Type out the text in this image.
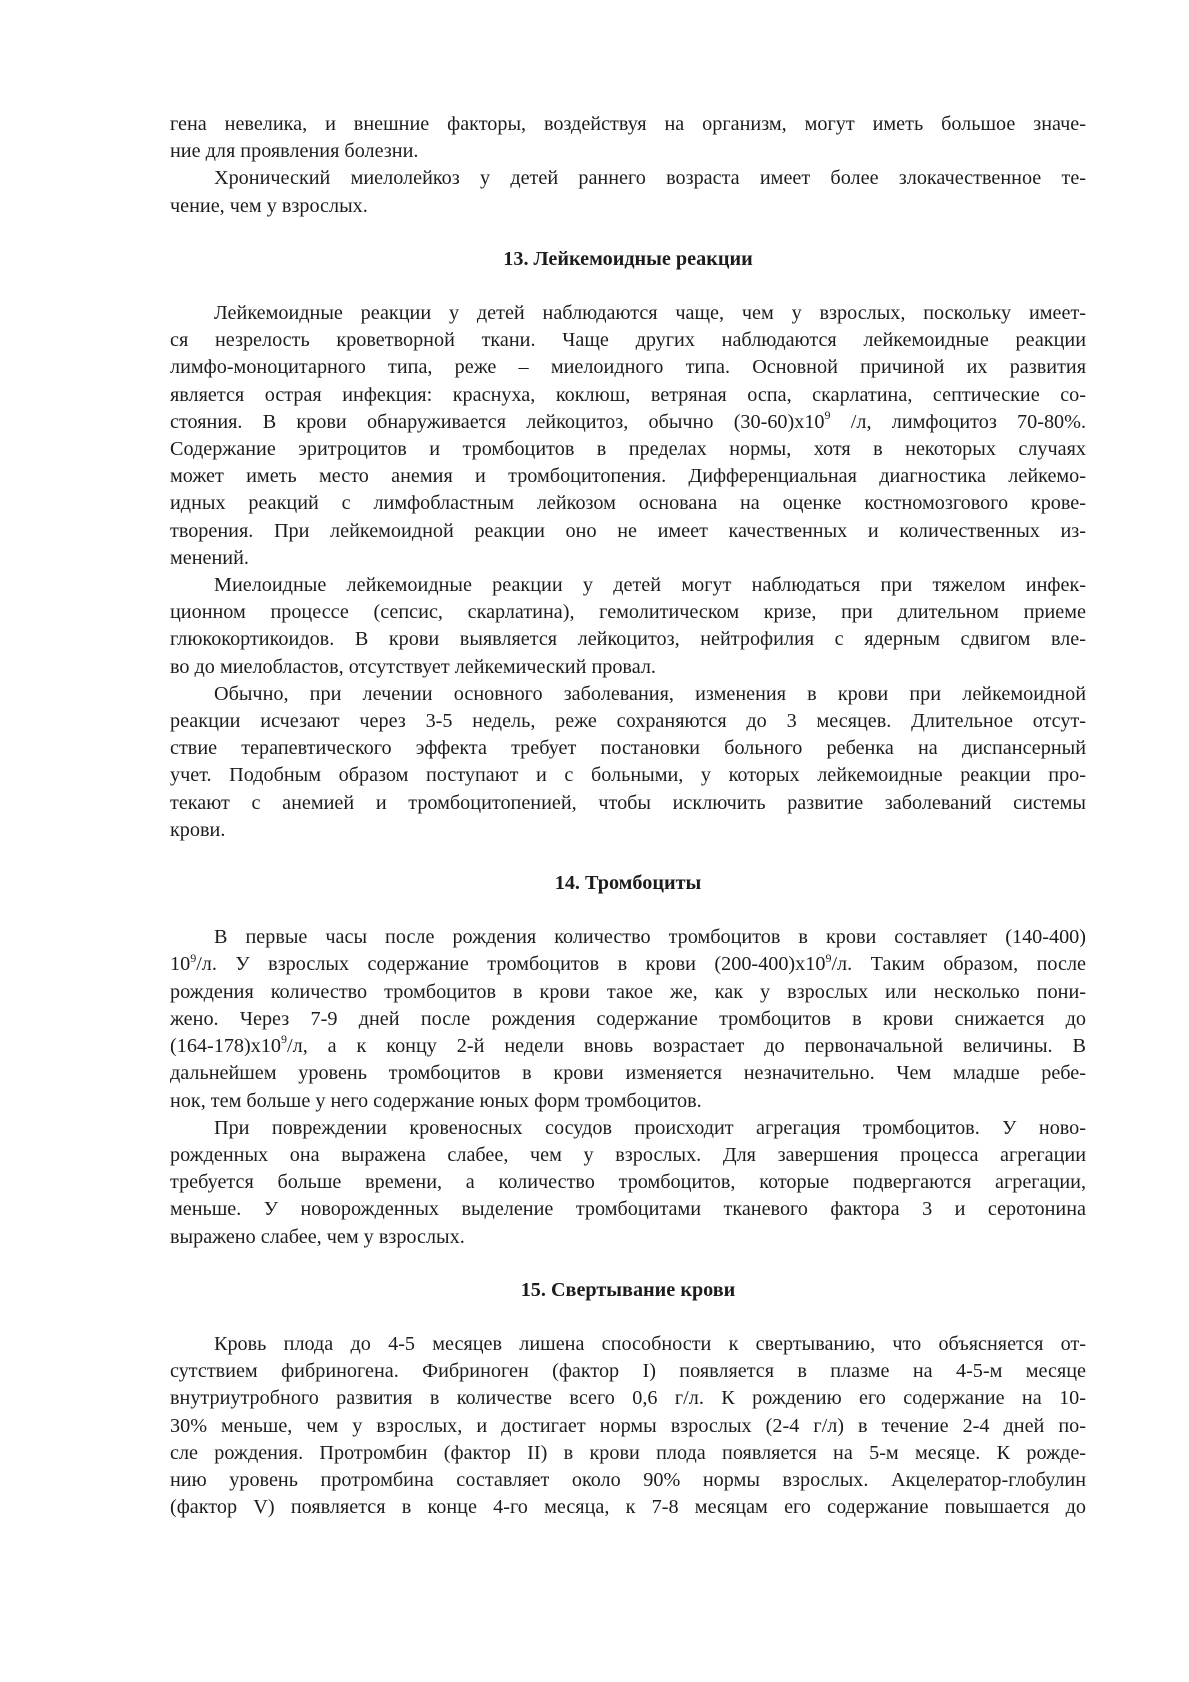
гена невелика, и внешние факторы, воздействуя на организм, могут иметь большое значе-

ние для проявления болезни.

Хронический миелолейкоз у детей раннего возраста имеет более злокачественное те-

чение, чем у взрослых.

13. Лейкемоидные реакции

Лейкемоидные реакции у детей наблюдаются чаще, чем у взрослых, поскольку имеет-

ся незрелость кроветворной ткани. Чаще других наблюдаются лейкемоидные реакции

лимфо-моноцитарного типа, реже – миелоидного типа. Основной причиной их развития

является острая инфекция: краснуха, коклюш, ветряная оспа, скарлатина, септические со-

стояния. В крови обнаруживается лейкоцитоз, обычно $(30-60)х10^9$ /л, лимфоцитоз 70-80%.

Содержание эритроцитов и тромбоцитов в пределах нормы, хотя в некоторых случаях

может иметь место анемия и тромбоцитопения. Дифференциальная диагностика лейкемо-

идных реакций с лимфобластным лейкозом основана на оценке костномозгового крове-

творения. При лейкемоидной реакции оно не имеет качественных и количественных из-

менений.

Миелоидные лейкемоидные реакции у детей могут наблюдаться при тяжелом инфек-

ционном процессе (сепсис, скарлатина), гемолитическом кризе, при длительном приеме

глюкокортикоидов. В крови выявляется лейкоцитоз, нейтрофилия с ядерным сдвигом вле-

во до миелобластов, отсутствует лейкемический провал.

Обычно, при лечении основного заболевания, изменения в крови при лейкемоидной

реакции исчезают через 3-5 недель, реже сохраняются до 3 месяцев. Длительное отсут-

ствие терапевтического эффекта требует постановки больного ребенка на диспансерный

учет. Подобным образом поступают и с больными, у которых лейкемоидные реакции про-

текают с анемией и тромбоцитопенией, чтобы исключить развитие заболеваний системы

крови.

14. Тромбоциты

В первые часы после рождения количество тромбоцитов в крови составляет (140-400)

$10^9/л$. У взрослых содержание тромбоцитов в крови $(200-400)х10^9/л$. Таким образом, после

рождения количество тромбоцитов в крови такое же, как у взрослых или несколько пони-

жено. Через 7-9 дней после рождения содержание тромбоцитов в крови снижается до

$(164-178)х10^9/л$, а к концу 2-й недели вновь возрастает до первоначальной величины. В

дальнейшем уровень тромбоцитов в крови изменяется незначительно. Чем младше ребе-

нок, тем больше у него содержание юных форм тромбоцитов.

При повреждении кровеносных сосудов происходит агрегация тромбоцитов. У ново-

рожденных она выражена слабее, чем у взрослых. Для завершения процесса агрегации

требуется больше времени, а количество тромбоцитов, которые подвергаются агрегации,

меньше. У новорожденных выделение тромбоцитами тканевого фактора 3 и серотонина

выражено слабее, чем у взрослых.

15. Свертывание крови

Кровь плода до 4-5 месяцев лишена способности к свертыванию, что объясняется от-

сутствием фибриногена. Фибриноген (фактор I) появляется в плазме на 4-5-м месяце

внутриутробного развития в количестве всего 0,6 г/л. К рождению его содержание на 10-

30% меньше, чем у взрослых, и достигает нормы взрослых (2-4 г/л) в течение 2-4 дней по-

сле рождения. Протромбин (фактор II) в крови плода появляется на 5-м месяце. К рожде-

нию уровень протромбина составляет около 90% нормы взрослых. Акцелератор-глобулин

(фактор V) появляется в конце 4-го месяца, к 7-8 месяцам его содержание повышается до
